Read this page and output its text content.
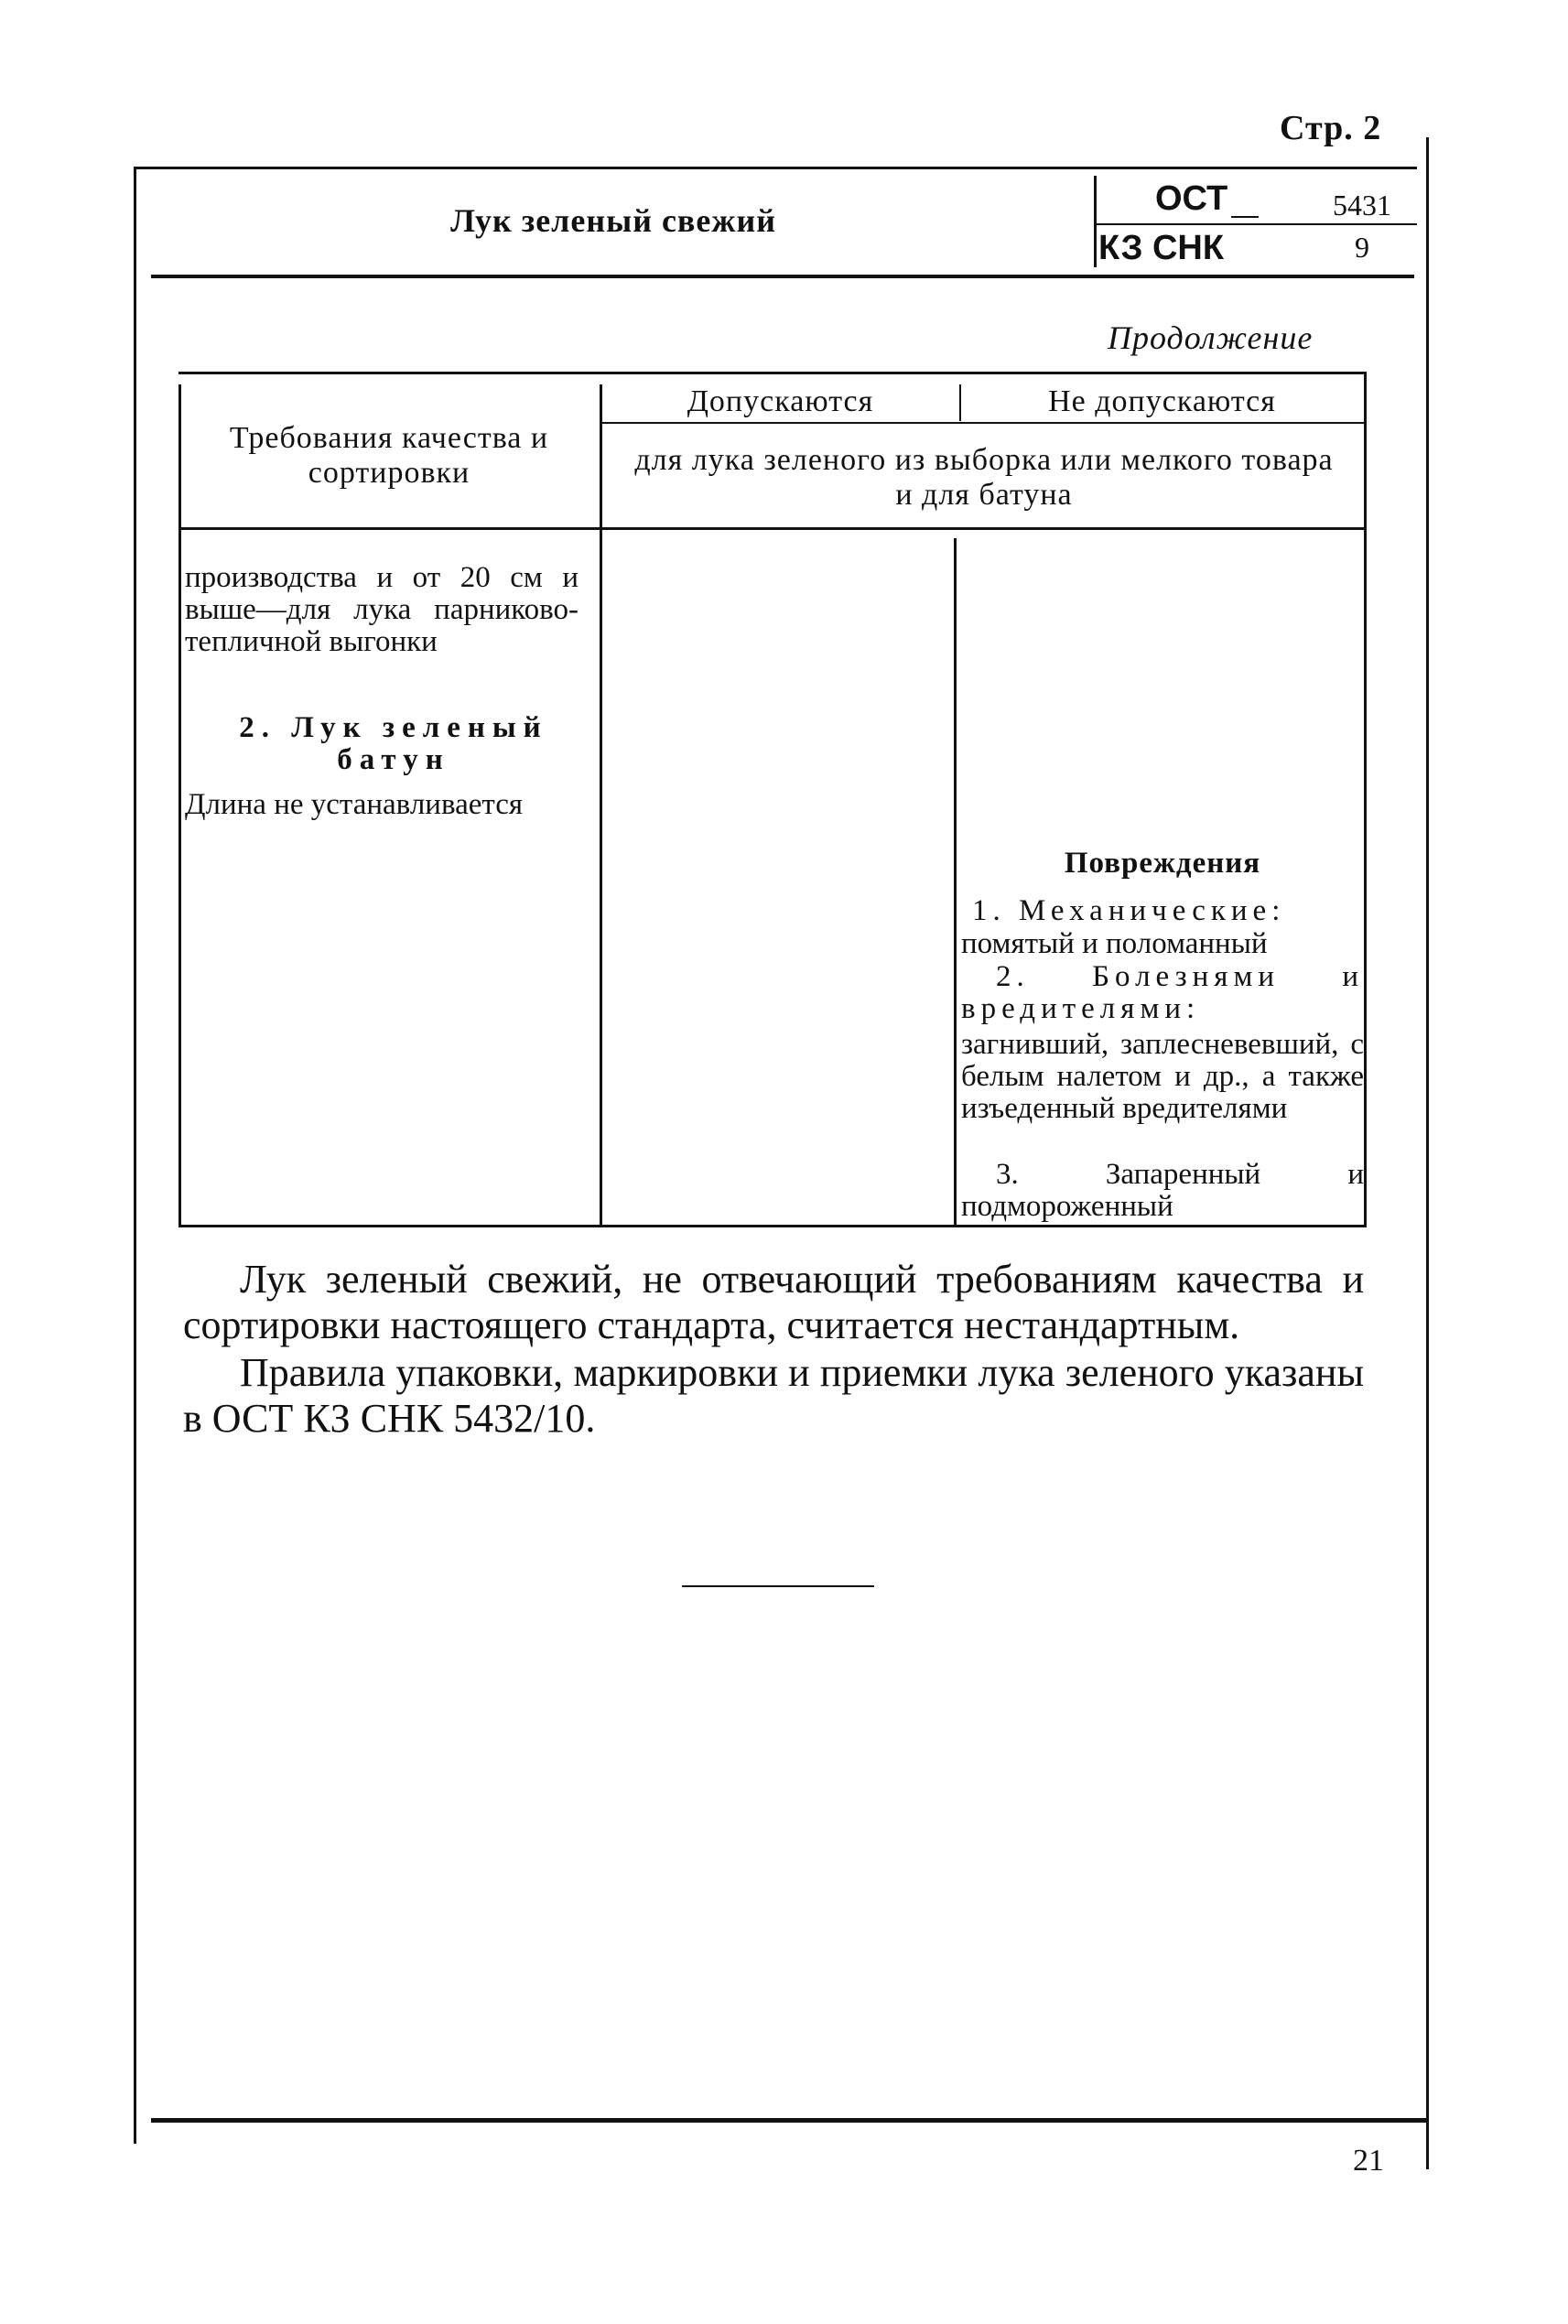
Стр. 2
Лук зеленый свежий
ОСТ
КЗ СНК
5431
9
Продолжение
Требования качества и сортировки
Допускаются	Не допускаются
для лука зеленого из выборка или мелкого товара и для батуна
производства и от 20 см и выше—для лука парниково-тепличной выгонки
2. Лук зеленый батун
Длина не устанавливается
Повреждения
1. Механические:
помятый и поломанный
2. Болезнями и вредителями:
загнивший, заплесневевший, с белым налетом и др., а также изъеденный вредителями
3. Запаренный и подмороженный
Лук зеленый свежий, не отвечающий требованиям качества и сортировки настоящего стандарта, считается нестандартным.
Правила упаковки, маркировки и приемки лука зеленого указаны в ОСТ КЗ СНК 5432/10.
21
